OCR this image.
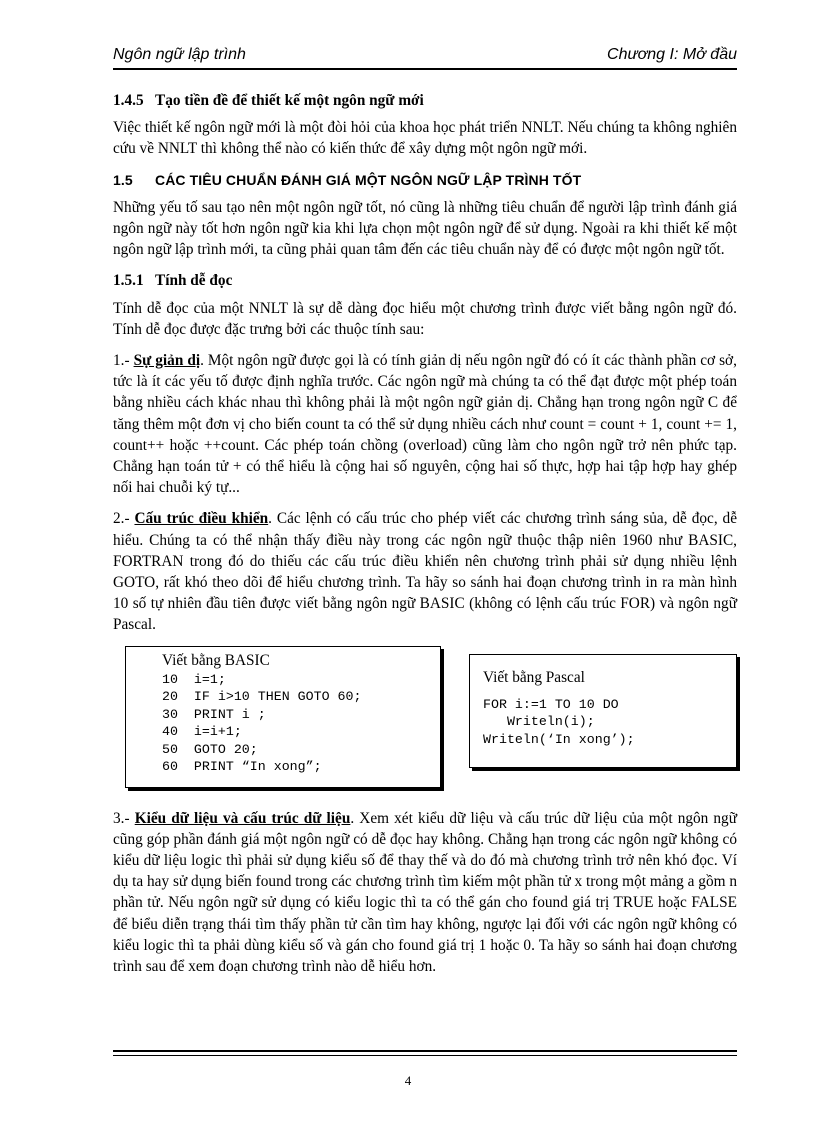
Ngôn ngữ lập trình	Chương I: Mở đầu
1.4.5 Tạo tiền đề để thiết kế một ngôn ngữ mới

Việc thiết kế ngôn ngữ mới là một đòi hỏi của khoa học phát triển NNLT. Nếu chúng ta không nghiên cứu về NNLT thì không thể nào có kiến thức để xây dựng một ngôn ngữ mới.

1.5 CÁC TIÊU CHUẨN ĐÁNH GIÁ MỘT NGÔN NGỮ LẬP TRÌNH TỐT

Những yếu tố sau tạo nên một ngôn ngữ tốt, nó cũng là những tiêu chuẩn để người lập trình đánh giá ngôn ngữ này tốt hơn ngôn ngữ kia khi lựa chọn một ngôn ngữ để sử dụng. Ngoài ra khi thiết kế một ngôn ngữ lập trình mới, ta cũng phải quan tâm đến các tiêu chuẩn này để có được một ngôn ngữ tốt.

1.5.1 Tính dễ đọc

Tính dễ đọc của một NNLT là sự dễ dàng đọc hiểu một chương trình được viết bằng ngôn ngữ đó. Tính dễ đọc được đặc trưng bởi các thuộc tính sau:

1.- Sự giản dị. Một ngôn ngữ được gọi là có tính giản dị nếu ngôn ngữ đó có ít các thành phần cơ sở, tức là ít các yếu tố được định nghĩa trước. Các ngôn ngữ mà chúng ta có thể đạt được một phép toán bằng nhiều cách khác nhau thì không phải là một ngôn ngữ giản dị. Chẳng hạn trong ngôn ngữ C để tăng thêm một đơn vị cho biến count ta có thể sử dụng nhiều cách như count = count + 1, count += 1, count++ hoặc ++count. Các phép toán chồng (overload) cũng làm cho ngôn ngữ trở nên phức tạp. Chẳng hạn toán tử + có thể hiểu là cộng hai số nguyên, cộng hai số thực, hợp hai tập hợp hay ghép nối hai chuỗi ký tự...

2.- Cấu trúc điều khiển. Các lệnh có cấu trúc cho phép viết các chương trình sáng sủa, dễ đọc, dễ hiểu. Chúng ta có thể nhận thấy điều này trong các ngôn ngữ thuộc thập niên 1960 như BASIC, FORTRAN trong đó do thiếu các cấu trúc điều khiển nên chương trình phải sử dụng nhiều lệnh GOTO, rất khó theo dõi để hiểu chương trình. Ta hãy so sánh hai đoạn chương trình in ra màn hình 10 số tự nhiên đầu tiên được viết bằng ngôn ngữ BASIC (không có lệnh cấu trúc FOR) và ngôn ngữ Pascal.

Viết bằng BASIC
10  i=1;
20  IF i>10 THEN GOTO 60;
30  PRINT i ;
40  i=i+1;
50  GOTO 20;
60  PRINT “In xong”;
Viết bằng Pascal
FOR i:=1 TO 10 DO
Writeln(i);
Writeln(‘In xong’);

3.- Kiểu dữ liệu và cấu trúc dữ liệu. Xem xét kiểu dữ liệu và cấu trúc dữ liệu của một ngôn ngữ cũng góp phần đánh giá một ngôn ngữ có dễ đọc hay không. Chẳng hạn trong các ngôn ngữ không có kiểu dữ liệu logic thì phải sử dụng kiểu số để thay thế và do đó mà chương trình trở nên khó đọc. Ví dụ ta hay sử dụng biến found trong các chương trình tìm kiếm một phần tử x trong một mảng a gồm n phần tử. Nếu ngôn ngữ sử dụng có kiểu logic thì ta có thể gán cho found giá trị TRUE hoặc FALSE để biểu diễn trạng thái tìm thấy phần tử cần tìm hay không, ngược lại đối với các ngôn ngữ không có kiểu logic thì ta phải dùng kiểu số và gán cho found giá trị 1 hoặc 0. Ta hãy so sánh hai đoạn chương trình sau để xem đoạn chương trình nào dễ hiểu hơn.

4
